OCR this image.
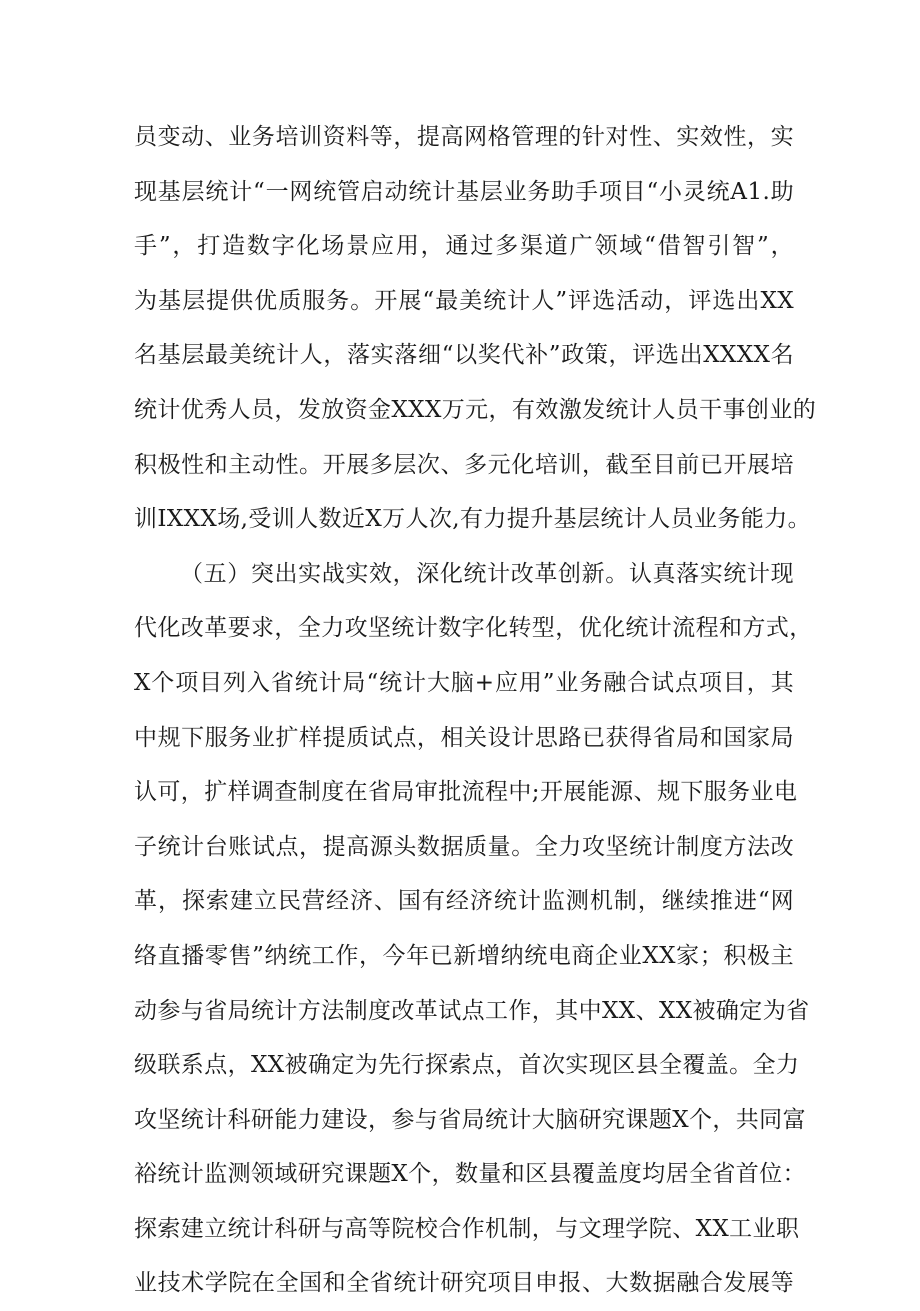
员变动、业务培训资料等，提高网格管理的针对性、实效性，实
现基层统计“一网统管启动统计基层业务助手项目“小灵统A1.助
手”，打造数字化场景应用，通过多渠道广领域“借智引智”，
为基层提供优质服务。开展“最美统计人”评选活动，评选出XX
名基层最美统计人，落实落细“以奖代补”政策，评选出XXXX名
统计优秀人员，发放资金XXX万元，有效激发统计人员干事创业的
积极性和主动性。开展多层次、多元化培训，截至目前已开展培
训IXXX场,受训人数近X万人次,有力提升基层统计人员业务能力。
（五）突出实战实效，深化统计改革创新。认真落实统计现
代化改革要求，全力攻坚统计数字化转型，优化统计流程和方式，
X个项目列入省统计局“统计大脑+应用”业务融合试点项目，其
中规下服务业扩样提质试点，相关设计思路已获得省局和国家局
认可，扩样调查制度在省局审批流程中;开展能源、规下服务业电
子统计台账试点，提高源头数据质量。全力攻坚统计制度方法改
革，探索建立民营经济、国有经济统计监测机制，继续推进“网
络直播零售”纳统工作，今年已新增纳统电商企业XX家；积极主
动参与省局统计方法制度改革试点工作，其中XX、XX被确定为省
级联系点，XX被确定为先行探索点，首次实现区县全覆盖。全力
攻坚统计科研能力建设，参与省局统计大脑研究课题X个，共同富
裕统计监测领域研究课题X个，数量和区县覆盖度均居全省首位：
探索建立统计科研与高等院校合作机制，与文理学院、XX工业职
业技术学院在全国和全省统计研究项目申报、大数据融合发展等
